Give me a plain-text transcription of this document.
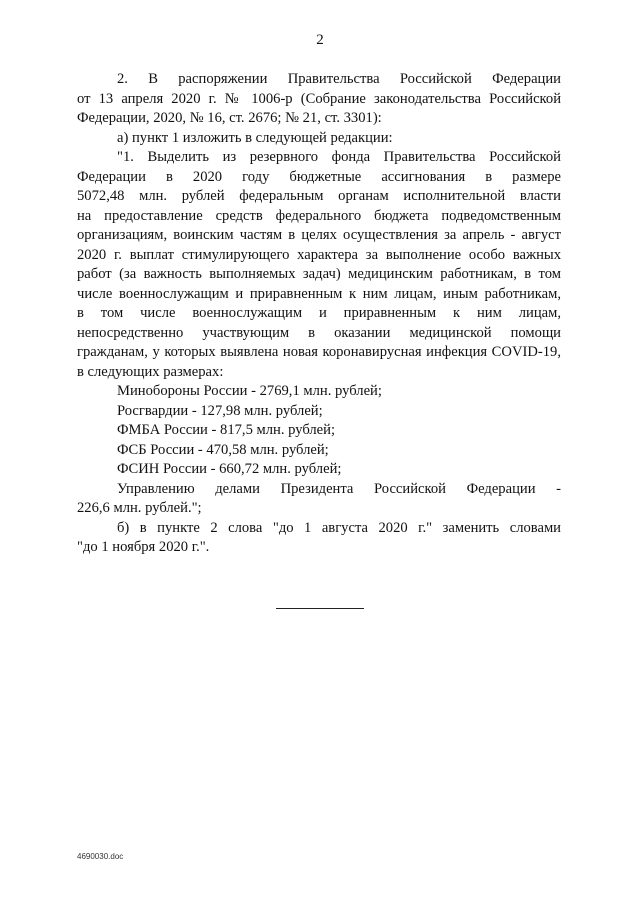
2
2. В распоряжении Правительства Российской Федерации
от 13 апреля 2020 г. № 1006-р (Собрание законодательства Российской
Федерации, 2020, № 16, ст. 2676; № 21, ст. 3301):
а) пункт 1 изложить в следующей редакции:
"1. Выделить из резервного фонда Правительства Российской
Федерации в 2020 году бюджетные ассигнования в размере
5072,48 млн. рублей федеральным органам исполнительной власти
на предоставление средств федерального бюджета подведомственным
организациям, воинским частям в целях осуществления за апрель - август
2020 г. выплат стимулирующего характера за выполнение особо важных
работ (за важность выполняемых задач) медицинским работникам, в том
числе военнослужащим и приравненным к ним лицам, иным работникам,
в том числе военнослужащим и приравненным к ним лицам,
непосредственно участвующим в оказании медицинской помощи
гражданам, у которых выявлена новая коронавирусная инфекция COVID-19,
в следующих размерах:
Минобороны России - 2769,1 млн. рублей;
Росгвардии - 127,98 млн. рублей;
ФМБА России - 817,5 млн. рублей;
ФСБ России - 470,58 млн. рублей;
ФСИН России - 660,72 млн. рублей;
Управлению делами Президента Российской Федерации -
226,6 млн. рублей.";
б) в пункте 2 слова "до 1 августа 2020 г." заменить словами
"до 1 ноября 2020 г.".
4690030.doc
